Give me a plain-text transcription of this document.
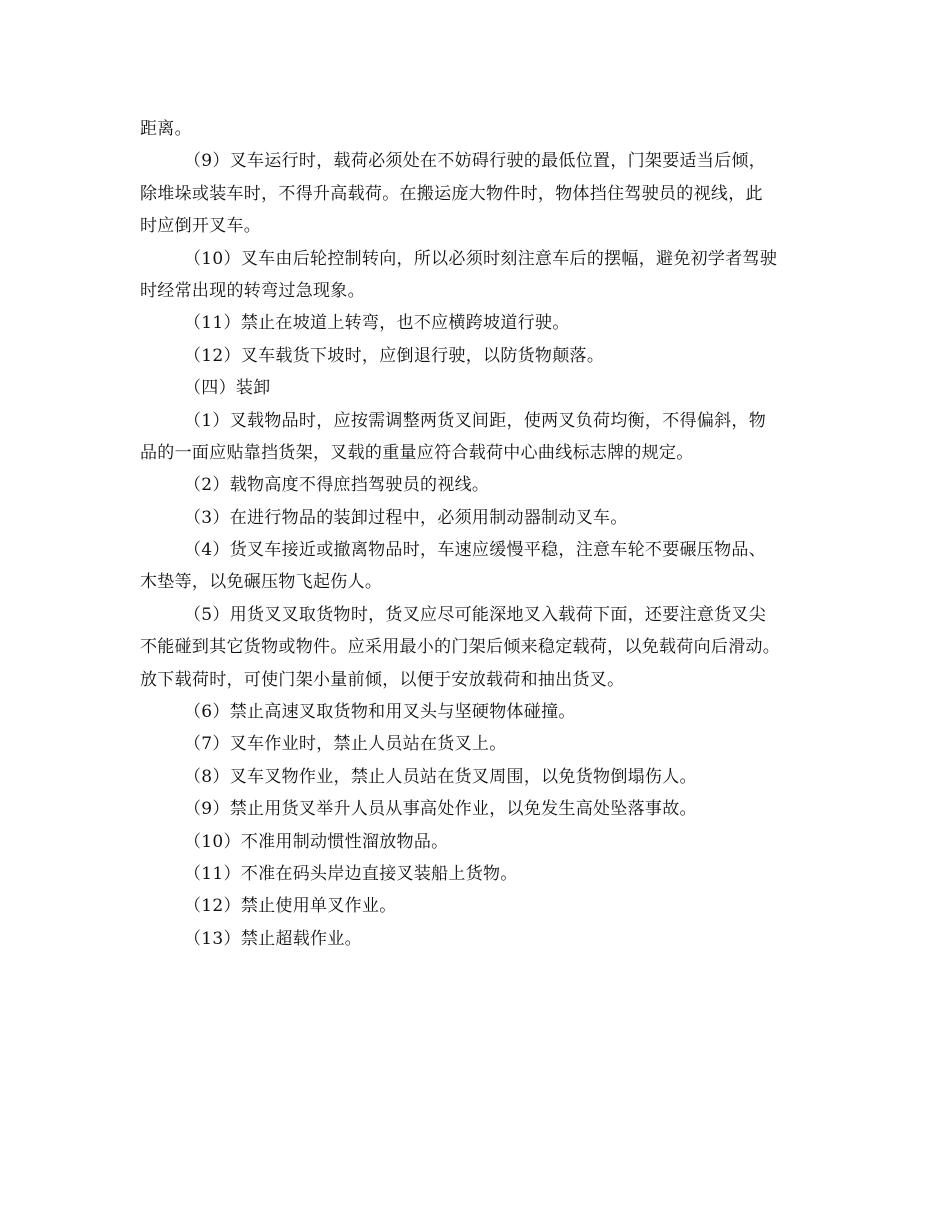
距离。
（9）叉车运行时，载荷必须处在不妨碍行驶的最低位置，门架要适当后倾，
除堆垛或装车时，不得升高载荷。在搬运庞大物件时，物体挡住驾驶员的视线，此
时应倒开叉车。
（10）叉车由后轮控制转向，所以必须时刻注意车后的摆幅，避免初学者驾驶
时经常出现的转弯过急现象。
（11）禁止在坡道上转弯，也不应横跨坡道行驶。
（12）叉车载货下坡时，应倒退行驶，以防货物颠落。
（四）装卸
（1）叉载物品时，应按需调整两货叉间距，使两叉负荷均衡，不得偏斜，物
品的一面应贴靠挡货架，叉载的重量应符合载荷中心曲线标志牌的规定。
（2）载物高度不得庶挡驾驶员的视线。
（3）在进行物品的装卸过程中，必须用制动器制动叉车。
（4）货叉车接近或撤离物品时，车速应缓慢平稳，注意车轮不要碾压物品、
木垫等，以免碾压物飞起伤人。
（5）用货叉叉取货物时，货叉应尽可能深地叉入载荷下面，还要注意货叉尖
不能碰到其它货物或物件。应采用最小的门架后倾来稳定载荷，以免载荷向后滑动。
放下载荷时，可使门架小量前倾，以便于安放载荷和抽出货叉。
（6）禁止高速叉取货物和用叉头与坚硬物体碰撞。
（7）叉车作业时，禁止人员站在货叉上。
（8）叉车叉物作业，禁止人员站在货叉周围，以免货物倒塌伤人。
（9）禁止用货叉举升人员从事高处作业，以免发生高处坠落事故。
（10）不准用制动惯性溜放物品。
（11）不准在码头岸边直接叉装船上货物。
（12）禁止使用单叉作业。
（13）禁止超载作业。
